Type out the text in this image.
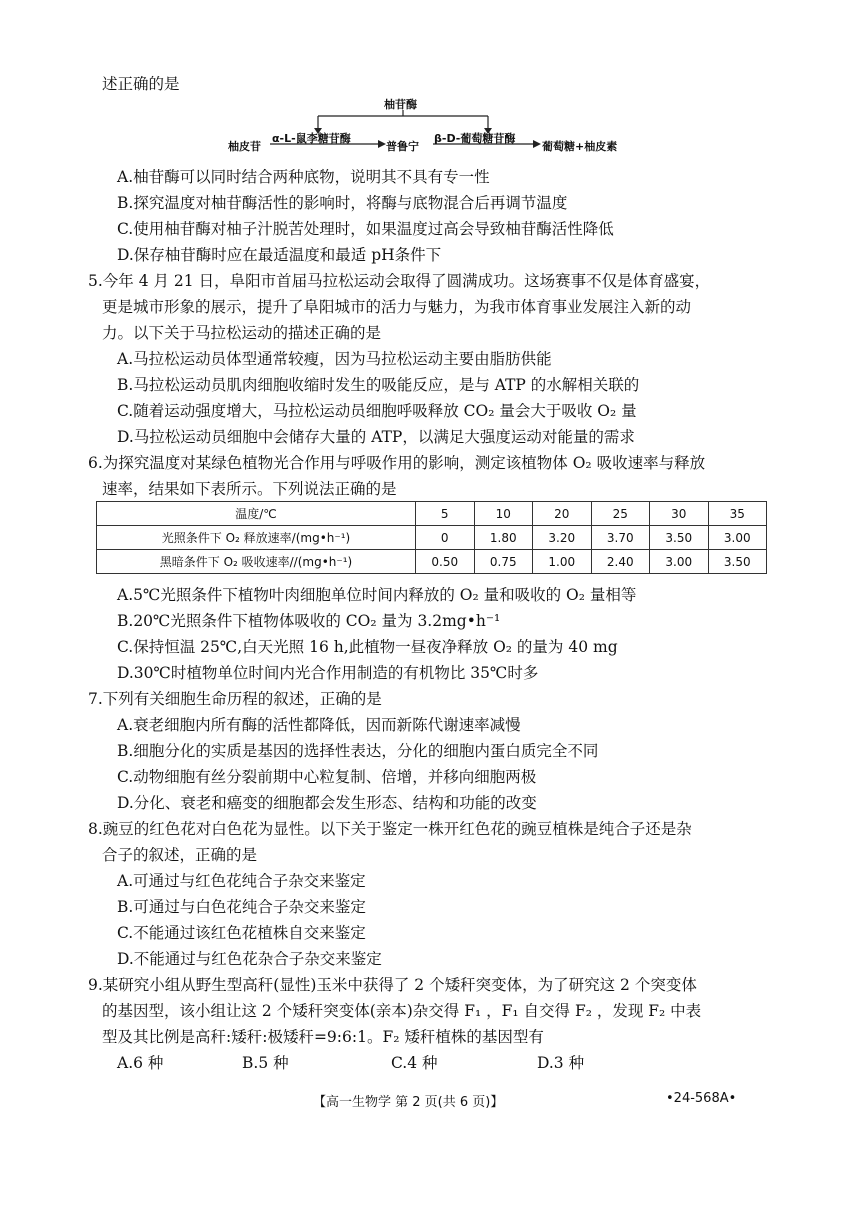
述正确的是
柚苷酶
柚皮苷
α-L-鼠李糖苷酶
普鲁宁
β-D-葡萄糖苷酶
葡萄糖+柚皮素
A.柚苷酶可以同时结合两种底物，说明其不具有专一性
B.探究温度对柚苷酶活性的影响时，将酶与底物混合后再调节温度
C.使用柚苷酶对柚子汁脱苦处理时，如果温度过高会导致柚苷酶活性降低
D.保存柚苷酶时应在最适温度和最适 pH条件下
5.今年 4 月 21 日，阜阳市首届马拉松运动会取得了圆满成功。这场赛事不仅是体育盛宴，
更是城市形象的展示，提升了阜阳城市的活力与魅力，为我市体育事业发展注入新的动
力。以下关于马拉松运动的描述正确的是
A.马拉松运动员体型通常较瘦，因为马拉松运动主要由脂肪供能
B.马拉松运动员肌肉细胞收缩时发生的吸能反应，是与 ATP 的水解相关联的
C.随着运动强度增大，马拉松运动员细胞呼吸释放 CO₂ 量会大于吸收 O₂ 量
D.马拉松运动员细胞中会储存大量的 ATP，以满足大强度运动对能量的需求
6.为探究温度对某绿色植物光合作用与呼吸作用的影响，测定该植物体 O₂ 吸收速率与释放
速率，结果如下表所示。下列说法正确的是
温度/℃	5	10	20	25	30	35
光照条件下 O₂ 释放速率/(mg•h⁻¹)	0	1.80	3.20	3.70	3.50	3.00
黑暗条件下 O₂ 吸收速率//(mg•h⁻¹)	0.50	0.75	1.00	2.40	3.00	3.50
A.5℃光照条件下植物叶肉细胞单位时间内释放的 O₂ 量和吸收的 O₂ 量相等
B.20℃光照条件下植物体吸收的 CO₂ 量为 3.2mg•h⁻¹
C.保持恒温 25℃,白天光照 16 h,此植物一昼夜净释放 O₂ 的量为 40 mg
D.30℃时植物单位时间内光合作用制造的有机物比 35℃时多
7.下列有关细胞生命历程的叙述，正确的是
A.衰老细胞内所有酶的活性都降低，因而新陈代谢速率减慢
B.细胞分化的实质是基因的选择性表达，分化的细胞内蛋白质完全不同
C.动物细胞有丝分裂前期中心粒复制、倍增，并移向细胞两极
D.分化、衰老和癌变的细胞都会发生形态、结构和功能的改变
8.豌豆的红色花对白色花为显性。以下关于鉴定一株开红色花的豌豆植株是纯合子还是杂
合子的叙述，正确的是
A.可通过与红色花纯合子杂交来鉴定
B.可通过与白色花纯合子杂交来鉴定
C.不能通过该红色花植株自交来鉴定
D.不能通过与红色花杂合子杂交来鉴定
9.某研究小组从野生型高秆(显性)玉米中获得了 2 个矮秆突变体，为了研究这 2 个突变体
的基因型，该小组让这 2 个矮秆突变体(亲本)杂交得 F₁ ，F₁ 自交得 F₂ ，发现 F₂ 中表
型及其比例是高秆:矮秆:极矮秆=9:6:1。F₂ 矮秆植株的基因型有
A.6 种	B.5 种	C.4 种	D.3 种
【高一生物学 第 2 页(共 6 页)】	•24-568A•
